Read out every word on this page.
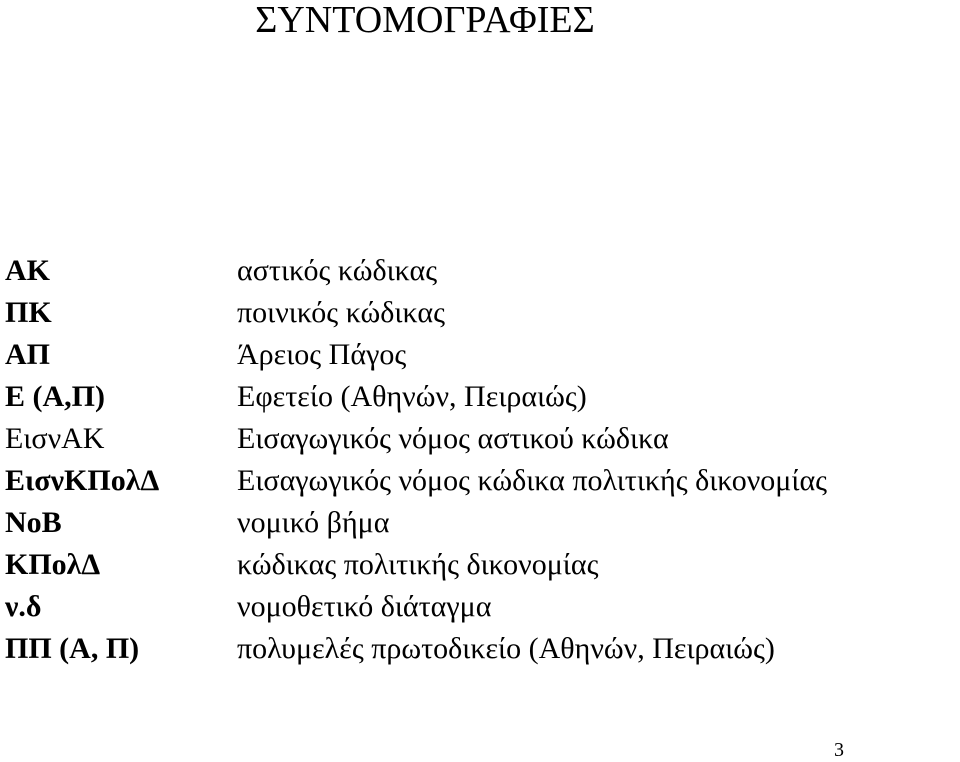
ΣΥΝΤΟΜΟΓΡΑΦΙΕΣ
ΑΚ	αστικός κώδικας
ΠΚ	ποινικός κώδικας
ΑΠ	Άρειος Πάγος
Ε (Α,Π)	Εφετείο (Αθηνών, Πειραιώς)
ΕισνΑΚ	Εισαγωγικός νόμος αστικού κώδικα
ΕισνΚΠολΔ	Εισαγωγικός νόμος κώδικα πολιτικής δικονομίας
ΝοΒ	νομικό βήμα
ΚΠολΔ	κώδικας πολιτικής δικονομίας
ν.δ	νομοθετικό διάταγμα
ΠΠ (Α, Π)	πολυμελές πρωτοδικείο (Αθηνών, Πειραιώς)
3
